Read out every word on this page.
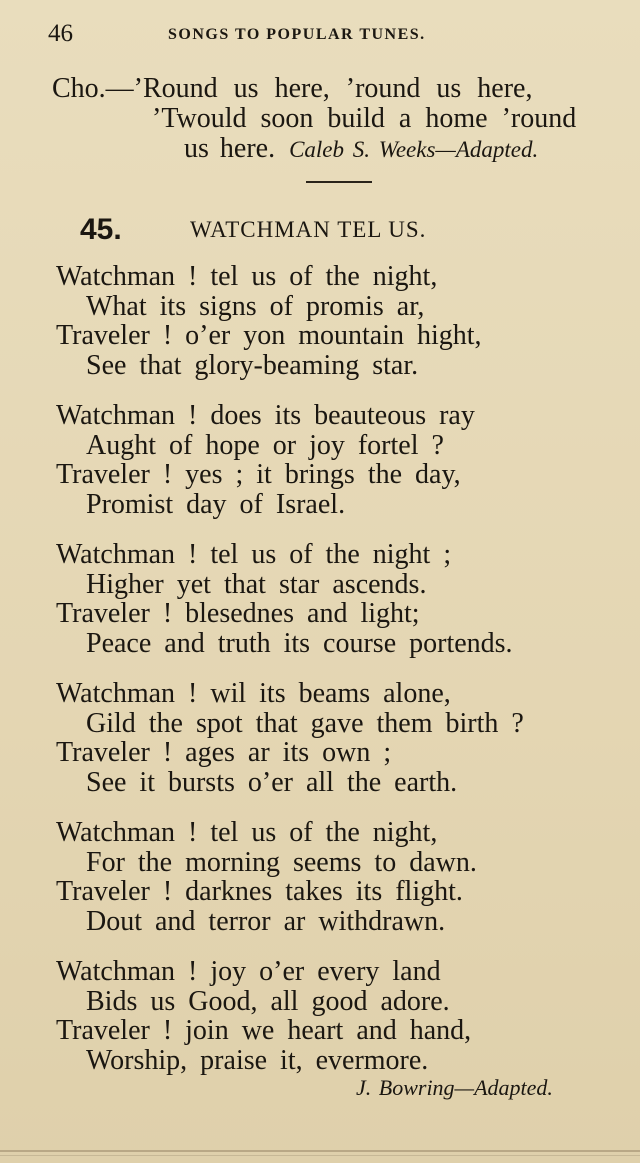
46	SONGS TO POPULAR TUNES.
Cho.—’Round us here, ’round us here,
’Twould soon build a home ’round
us here. Caleb S. Weeks—Adapted.
45.	WATCHMAN TEL US.
Watchman ! tel us of the night,
What its signs of promis ar,
Traveler ! o’er yon mountain hight,
See that glory-beaming star.
Watchman ! does its beauteous ray
Aught of hope or joy fortel ?
Traveler ! yes ; it brings the day,
Promist day of Israel.
Watchman ! tel us of the night ;
Higher yet that star ascends.
Traveler ! blesednes and light;
Peace and truth its course portends.
Watchman ! wil its beams alone,
Gild the spot that gave them birth ?
Traveler ! ages ar its own ;
See it bursts o’er all the earth.
Watchman ! tel us of the night,
For the morning seems to dawn.
Traveler ! darknes takes its flight.
Dout and terror ar withdrawn.
Watchman ! joy o’er every land
Bids us Good, all good adore.
Traveler ! join we heart and hand,
Worship, praise it, evermore.
J. Bowring—Adapted.
